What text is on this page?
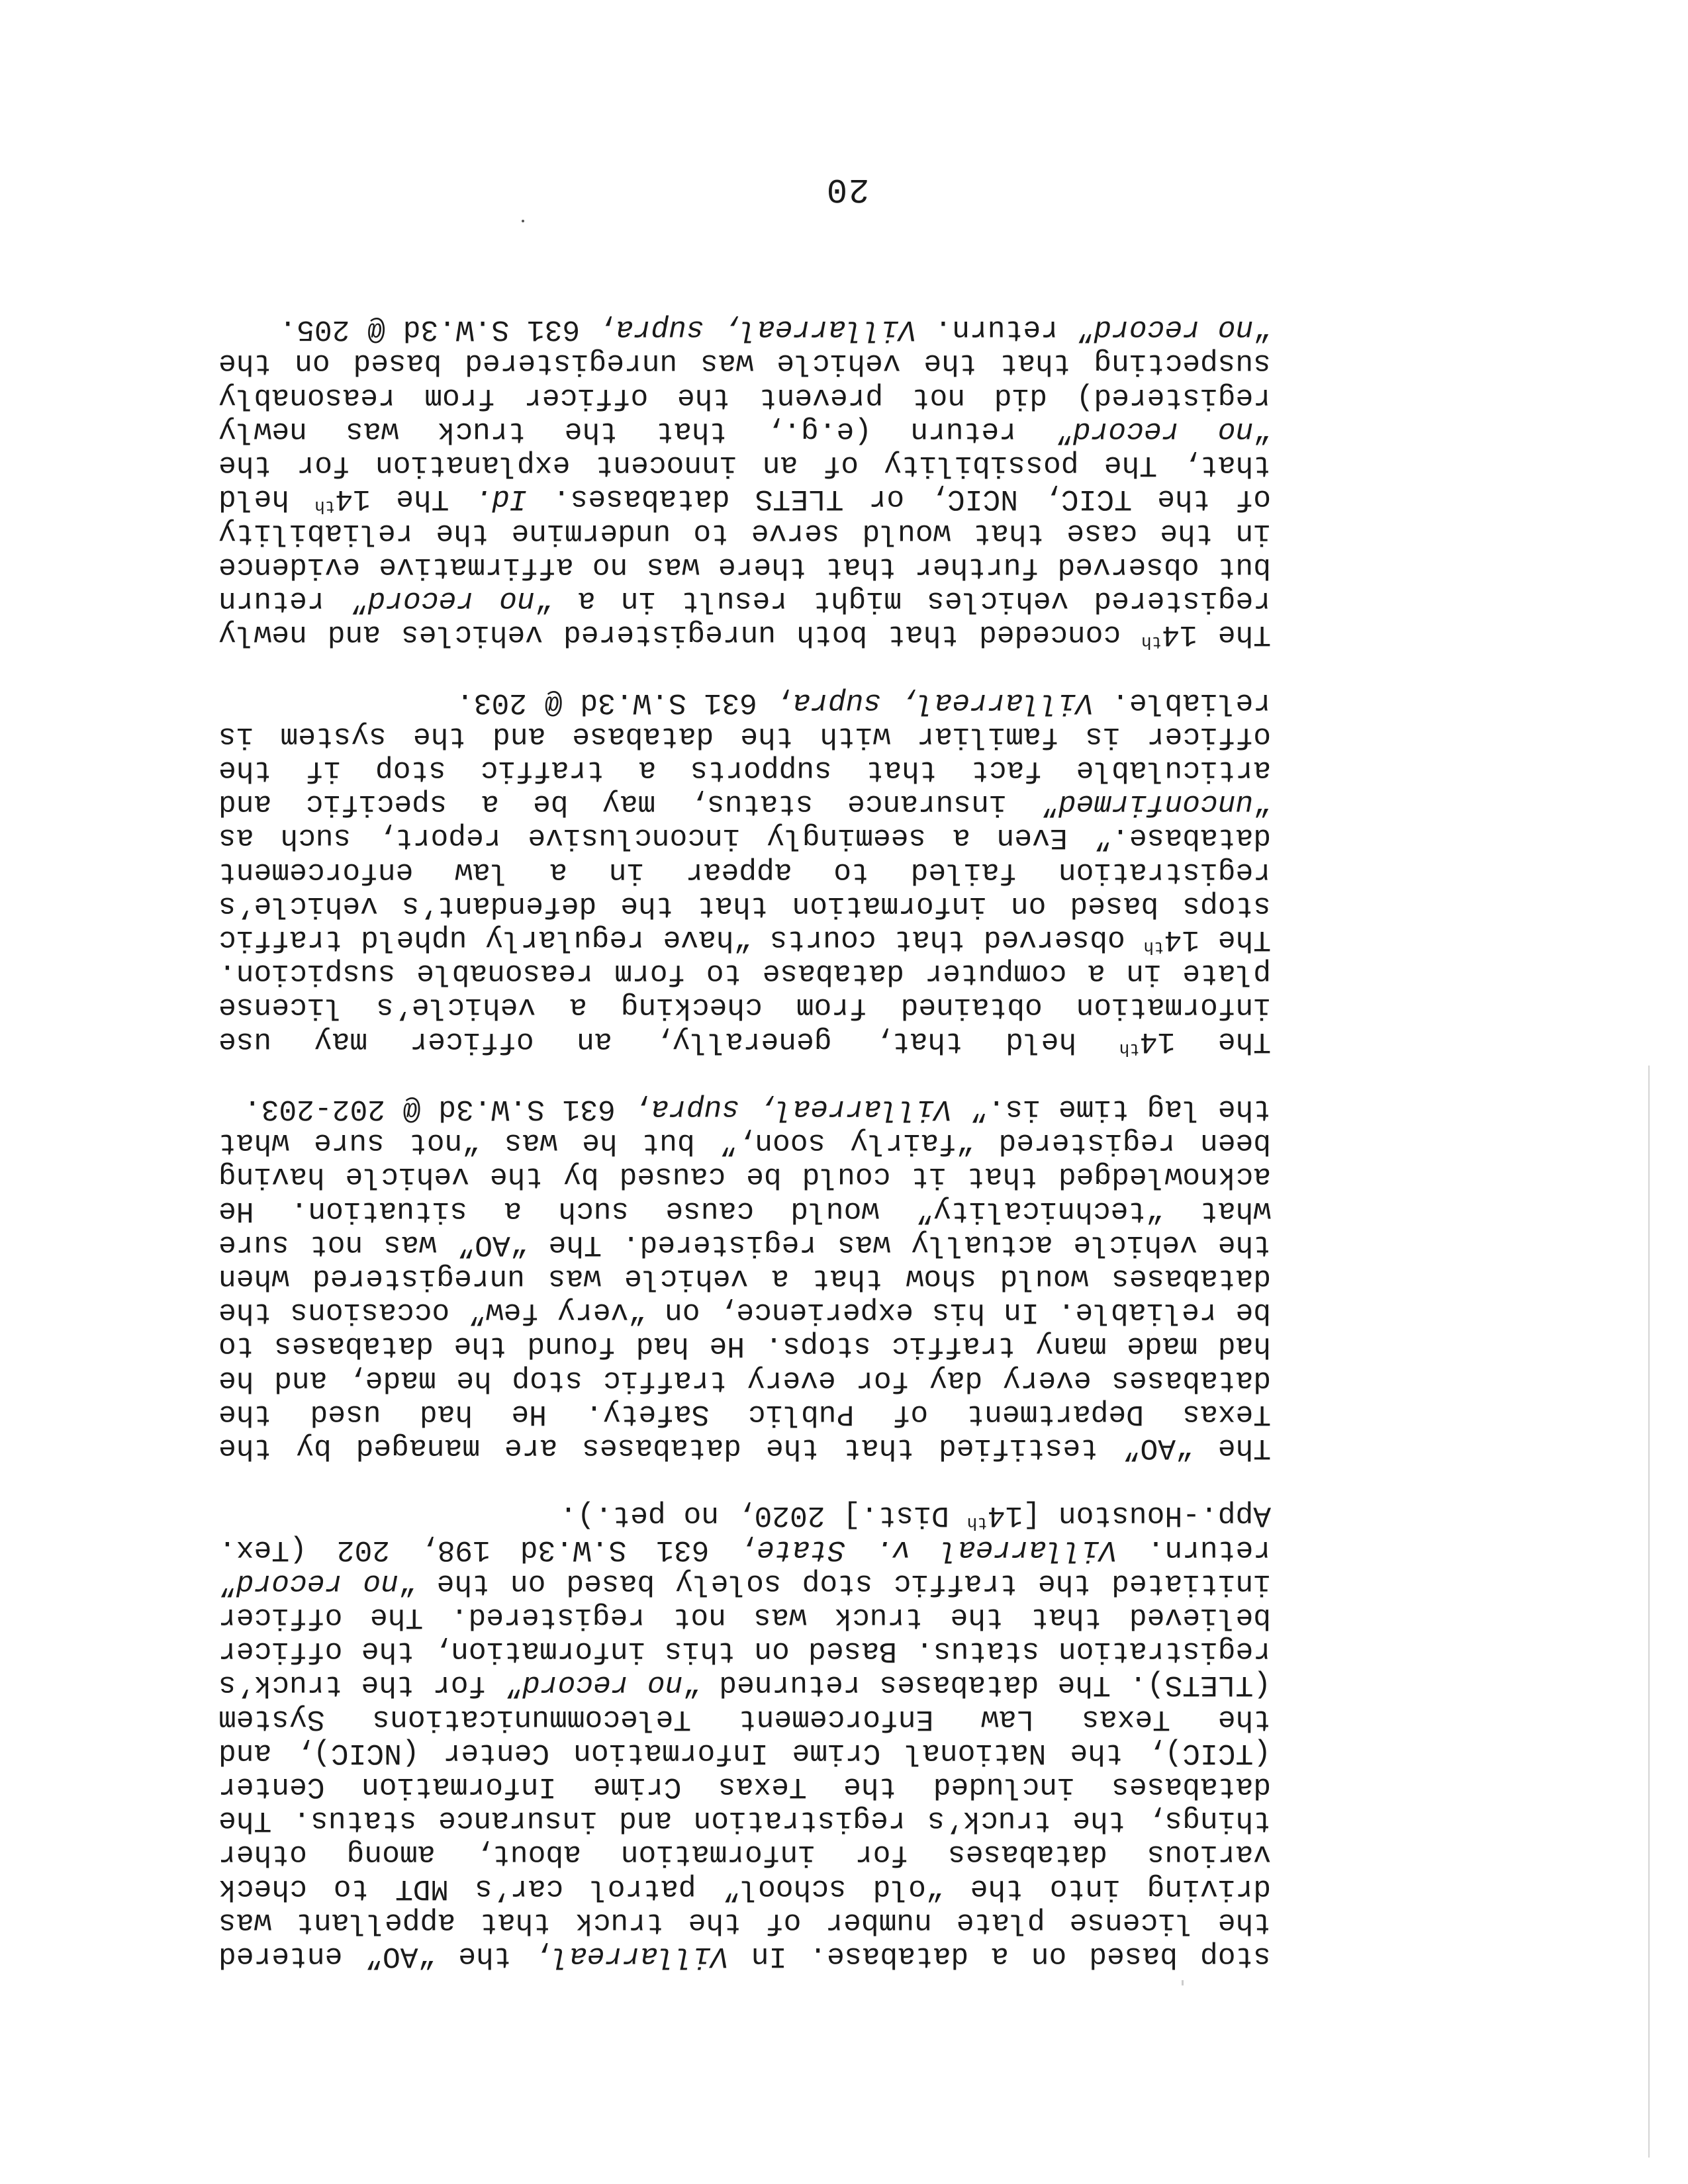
stop based on a database. In Villarreal, the “AO” entered the license plate number of the truck that appellant was driving into the “old school” patrol car’s MDT to check various databases for information about, among other things, the truck’s registration and insurance status. The databases included the Texas Crime Information Center (TCIC), the National Crime Information Center (NCIC), and the Texas Law Enforcement Telecommunications System (TLETS). The databases returned “no record” for the truck’s registration status. Based on this information, the officer believed that the truck was not registered. The officer initiated the traffic stop solely based on the “no record” return. Villarreal v. State, 631 S.W.3d 198, 202 (Tex. App.-Houston [14th Dist.] 2020, no pet.).

The “AO” testified that the databases are managed by the Texas Department of Public Safety. He had used the databases every day for every traffic stop he made, and he had made many traffic stops. He had found the databases to be reliable. In his experience, on “very few” occasions the databases would show that a vehicle was unregistered when the vehicle actually was registered. The “AO” was not sure what “technicality” would cause such a situation. He acknowledged that it could be caused by the vehicle having been registered “fairly soon,” but he was “not sure what the lag time is.” Villarreal, supra, 631 S.W.3d @ 202-203.

The 14th held that, generally, an officer may use information obtained from checking a vehicle’s license plate in a computer database to form reasonable suspicion. The 14th observed that courts “have regularly upheld traffic stops based on information that the defendant’s vehicle’s registration failed to appear in a law enforcement database.” Even a seemingly inconclusive report, such as “unconfirmed” insurance status, may be a specific and articulable fact that supports a traffic stop if the officer is familiar with the database and the system is reliable. Villarreal, supra, 631 S.W.3d @ 203.

The 14th conceded that both unregistered vehicles and newly registered vehicles might result in a “no record” return but observed further that there was no affirmative evidence in the case that would serve to undermine the reliability of the TCIC, NCIC, or TLETS databases. Id. The 14th held that, The possibility of an innocent explanation for the “no record” return (e.g., that the truck was newly registered) did not prevent the officer from reasonably suspecting that the vehicle was unregistered based on the “no record” return. Villarreal, supra, 631 S.W.3d @ 205.

20
